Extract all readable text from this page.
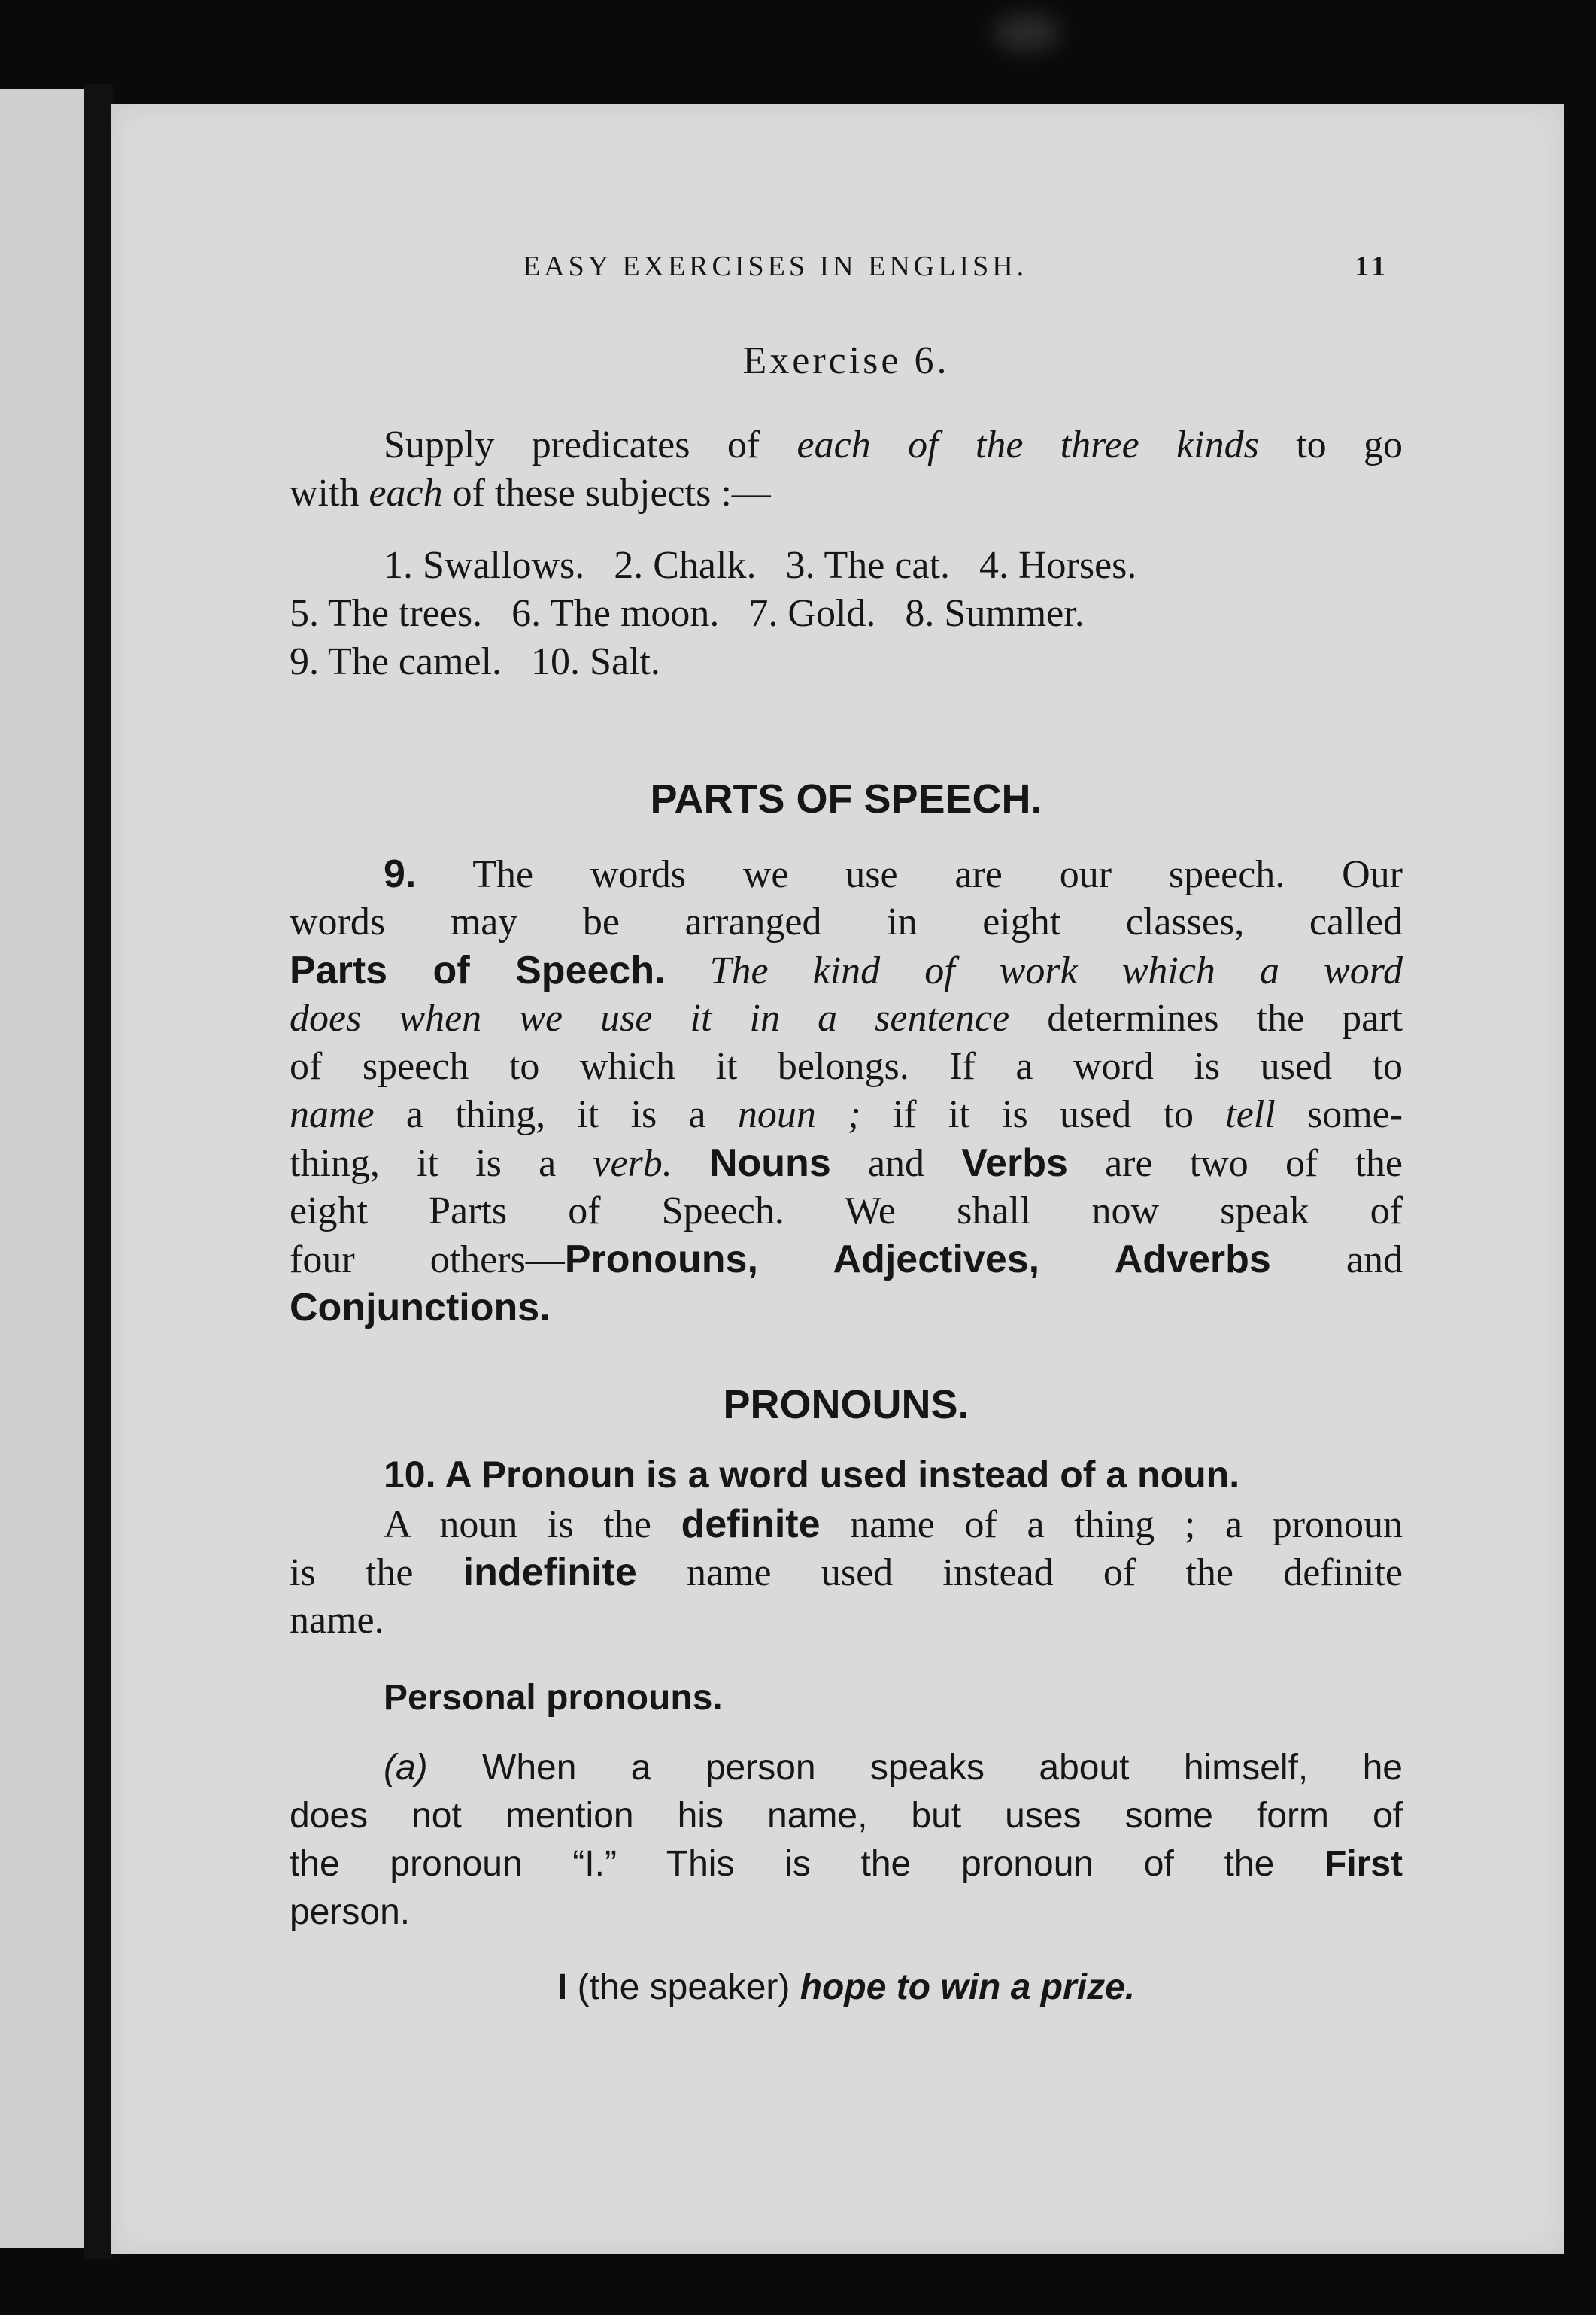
EASY EXERCISES IN ENGLISH.	11
Exercise 6.
Supply predicates of each of the three kinds to go
with each of these subjects :—
1. Swallows.   2. Chalk.   3. The cat.   4. Horses.
5. The trees.   6. The moon.   7. Gold.   8. Summer.
9. The camel.   10. Salt.
PARTS OF SPEECH.
9. The words we use are our speech. Our
words may be arranged in eight classes, called
Parts of Speech. The kind of work which a word
does when we use it in a sentence determines the part
of speech to which it belongs. If a word is used to
name a thing, it is a noun ; if it is used to tell some-
thing, it is a verb. Nouns and Verbs are two of the
eight Parts of Speech. We shall now speak of
four others—Pronouns, Adjectives, Adverbs and
Conjunctions.
PRONOUNS.
10. A Pronoun is a word used instead of a noun.
A noun is the definite name of a thing ; a pronoun
is the indefinite name used instead of the definite
name.
Personal pronouns.
(a) When a person speaks about himself, he
does not mention his name, but uses some form of
the pronoun “I.” This is the pronoun of the First
person.
I (the speaker) hope to win a prize.
